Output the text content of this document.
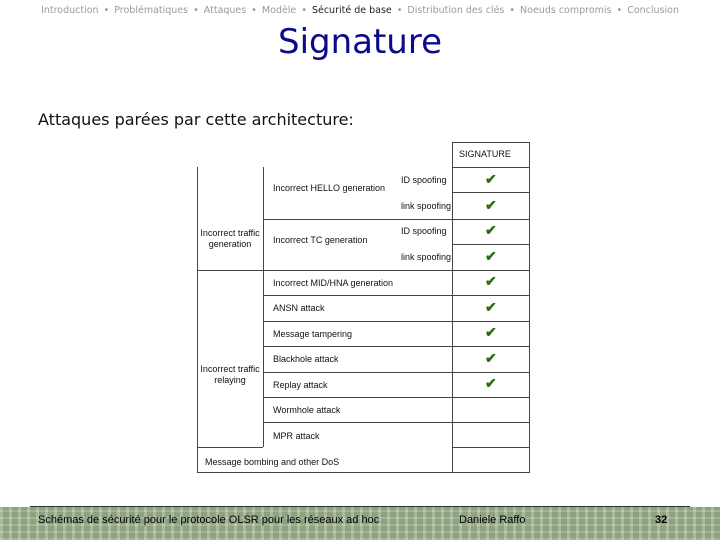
Introduction • Problématiques • Attaques • Modèle • Sécurité de base • Distribution des clés • Noeuds compromis • Conclusion
Signature
Attaques parées par cette architecture:
SIGNATURE
Incorrect traffic generation
Incorrect traffic relaying
Incorrect HELLO generation
ID spoofing
link spoofing
Incorrect TC generation
ID spoofing
link spoofing
Incorrect MID/HNA generation
ANSN attack
Message tampering
Blackhole attack
Replay attack
Wormhole attack
MPR attack
Message bombing and other DoS
✔
✔
✔
✔
✔
✔
✔
✔
✔
Schémas de sécurité pour le protocole OLSR pour les réseaux ad hoc	Daniele Raffo	32
